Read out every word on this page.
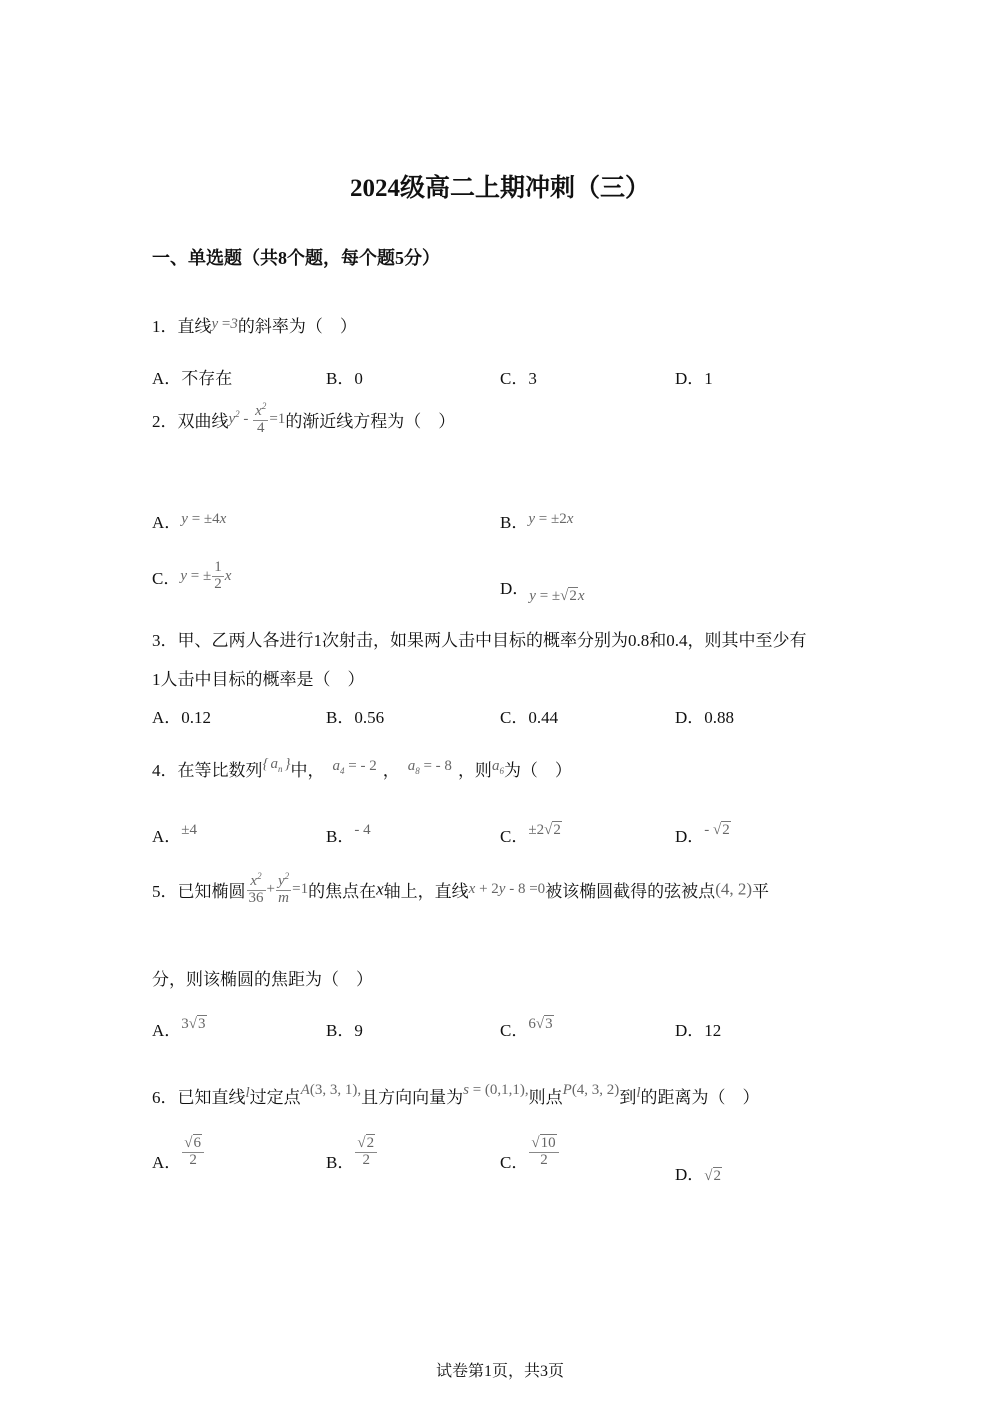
2024级高二上期冲刺（三）
一、单选题（共8个题，每个题5分）
1．直线y =3的斜率为（　）
A．不存在	B．0	C．3	D．1
2．双曲线$y^2 - \frac{x^2}{4} =1$的渐近线方程为（　）
A．y = ±4x	B．y = ±2x
C．y = ± $\frac{1}{2}$ x
D．y = ±√2x
3．甲、乙两人各进行1次射击，如果两人击中目标的概率分别为0.8和0.4，则其中至少有
1人击中目标的概率是（　）
A．0.12	B．0.56	C．0.44	D．0.88
4．在等比数列{ $a_n$ }中， $a_4$ = - 2 ， $a_8$ = - 8 ，则$a_6$为（　）
A．±4	B．- 4	C．±2√2	D．- √2
5．已知椭圆 $\frac{x^2}{36} + \frac{y^2}{m} =1$的焦点在x轴上，直线x + 2y - 8 =0被该椭圆截得的弦被点(4, 2)平
分，则该椭圆的焦距为（　）
A．3√3	B．9	C．6√3	D．12
6．已知直线l过定点A(3, 3, 1),且方向向量为s = (0,1,1),则点P(4, 3, 2)到l的距离为（　）
A． $\frac{√6}{2}$	B． $\frac{√2}{2}$	C． $\frac{√10}{2}$
D．√2
试卷第1页，共3页
